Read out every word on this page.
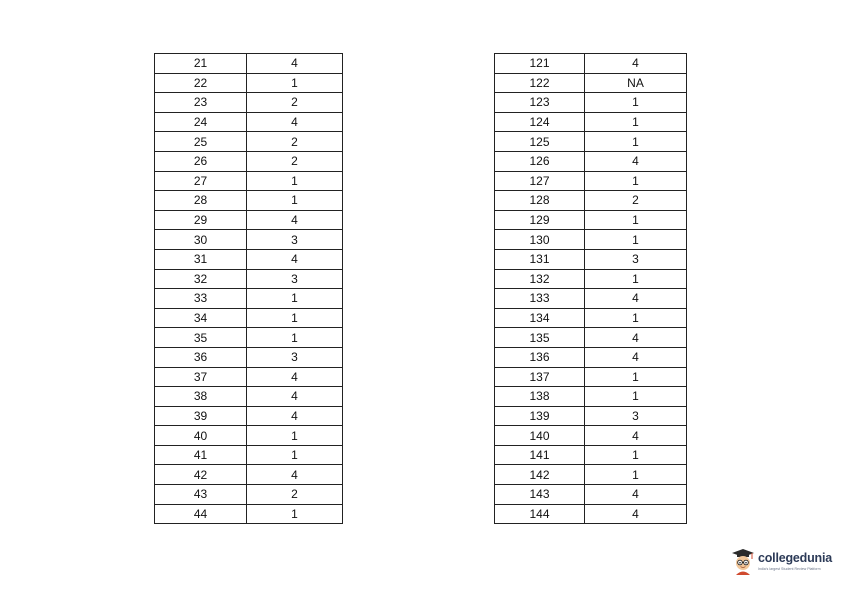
21	4
22	1
23	2
24	4
25	2
26	2
27	1
28	1
29	4
30	3
31	4
32	3
33	1
34	1
35	1
36	3
37	4
38	4
39	4
40	1
41	1
42	4
43	2
44	1
121	4
122	NA
123	1
124	1
125	1
126	4
127	1
128	2
129	1
130	1
131	3
132	1
133	4
134	1
135	4
136	4
137	1
138	1
139	3
140	4
141	1
142	1
143	4
144	4
collegedunia
India's largest Student Review Platform
